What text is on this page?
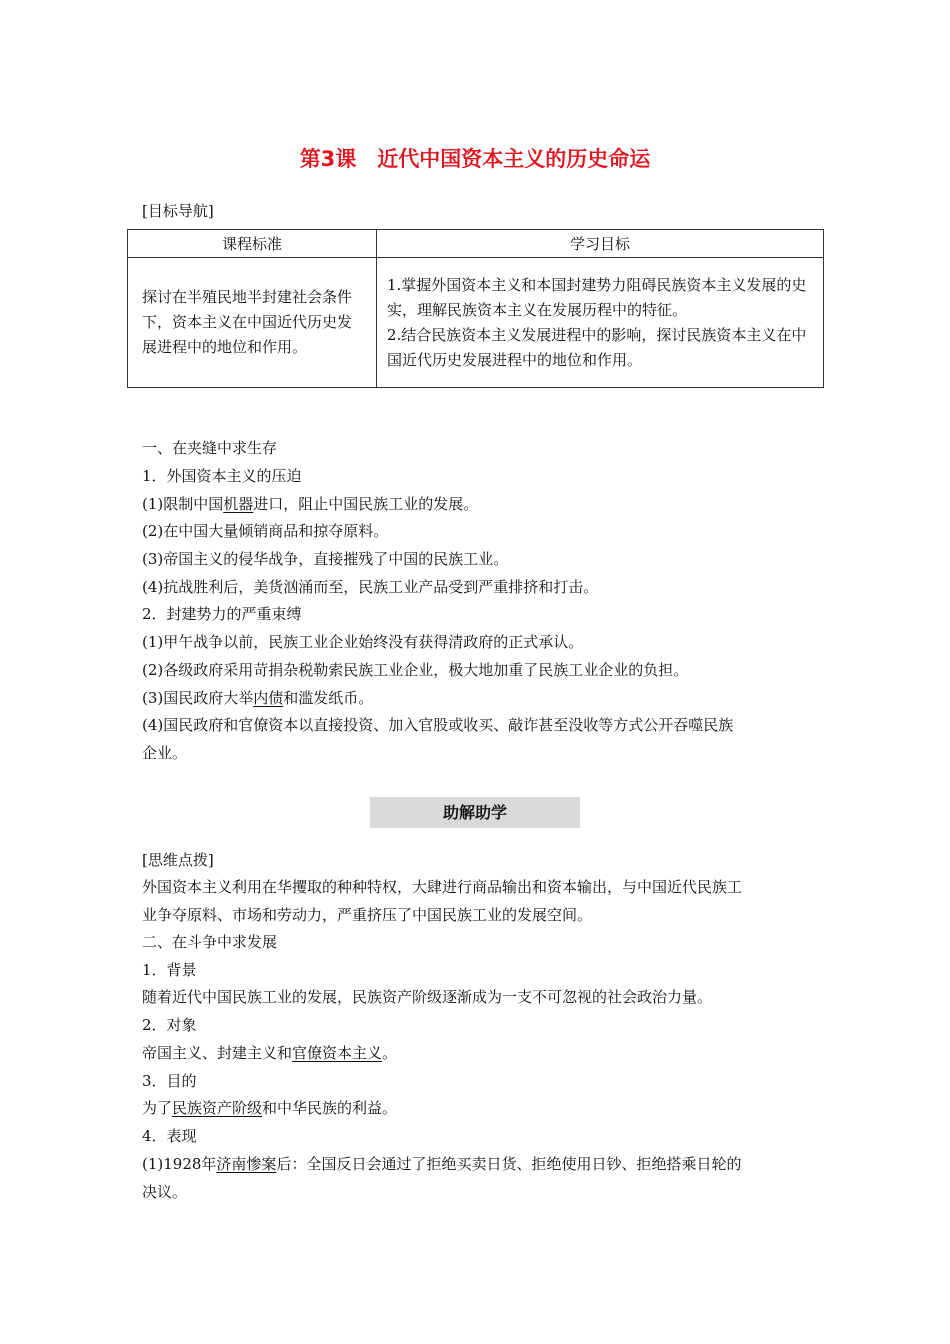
第3课　近代中国资本主义的历史命运
[目标导航]
课程标准	学习目标
探讨在半殖民地半封建社会条件下，资本主义在中国近代历史发展进程中的地位和作用。	1.掌握外国资本主义和本国封建势力阻碍民族资本主义发展的史实，理解民族资本主义在发展历程中的特征。
2.结合民族资本主义发展进程中的影响，探讨民族资本主义在中国近代历史发展进程中的地位和作用。
一、在夹缝中求生存
1．外国资本主义的压迫
(1)限制中国机器进口，阻止中国民族工业的发展。
(2)在中国大量倾销商品和掠夺原料。
(3)帝国主义的侵华战争，直接摧残了中国的民族工业。
(4)抗战胜利后，美货汹涌而至，民族工业产品受到严重排挤和打击。
2．封建势力的严重束缚
(1)甲午战争以前，民族工业企业始终没有获得清政府的正式承认。
(2)各级政府采用苛捐杂税勒索民族工业企业，极大地加重了民族工业企业的负担。
(3)国民政府大举内债和滥发纸币。
(4)国民政府和官僚资本以直接投资、加入官股或收买、敲诈甚至没收等方式公开吞噬民族
企业。
助解助学
[思维点拨]
外国资本主义利用在华攫取的种种特权，大肆进行商品输出和资本输出，与中国近代民族工
业争夺原料、市场和劳动力，严重挤压了中国民族工业的发展空间。
二、在斗争中求发展
1．背景
随着近代中国民族工业的发展，民族资产阶级逐渐成为一支不可忽视的社会政治力量。
2．对象
帝国主义、封建主义和官僚资本主义。
3．目的
为了民族资产阶级和中华民族的利益。
4．表现
(1)1928年济南惨案后：全国反日会通过了拒绝买卖日货、拒绝使用日钞、拒绝搭乘日轮的
决议。
